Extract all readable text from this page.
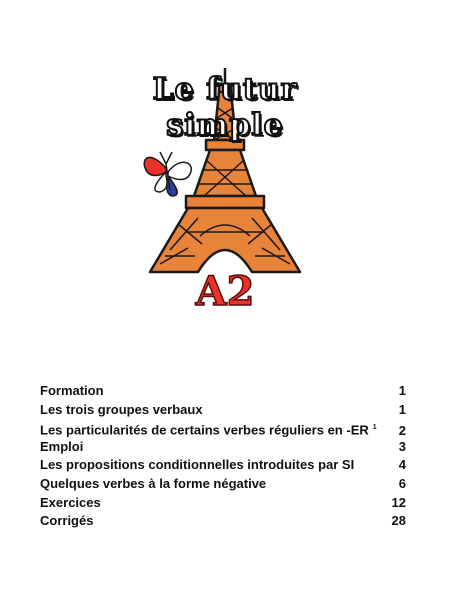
Le futur
simple
A2
Formation	1
Les trois groupes verbaux	1
Les particularités de certains verbes réguliers en -ER $^1$	2
Emploi	3
Les propositions conditionnelles introduites par SI	4
Quelques verbes à la forme négative	6
Exercices	12
Corrigés	28
